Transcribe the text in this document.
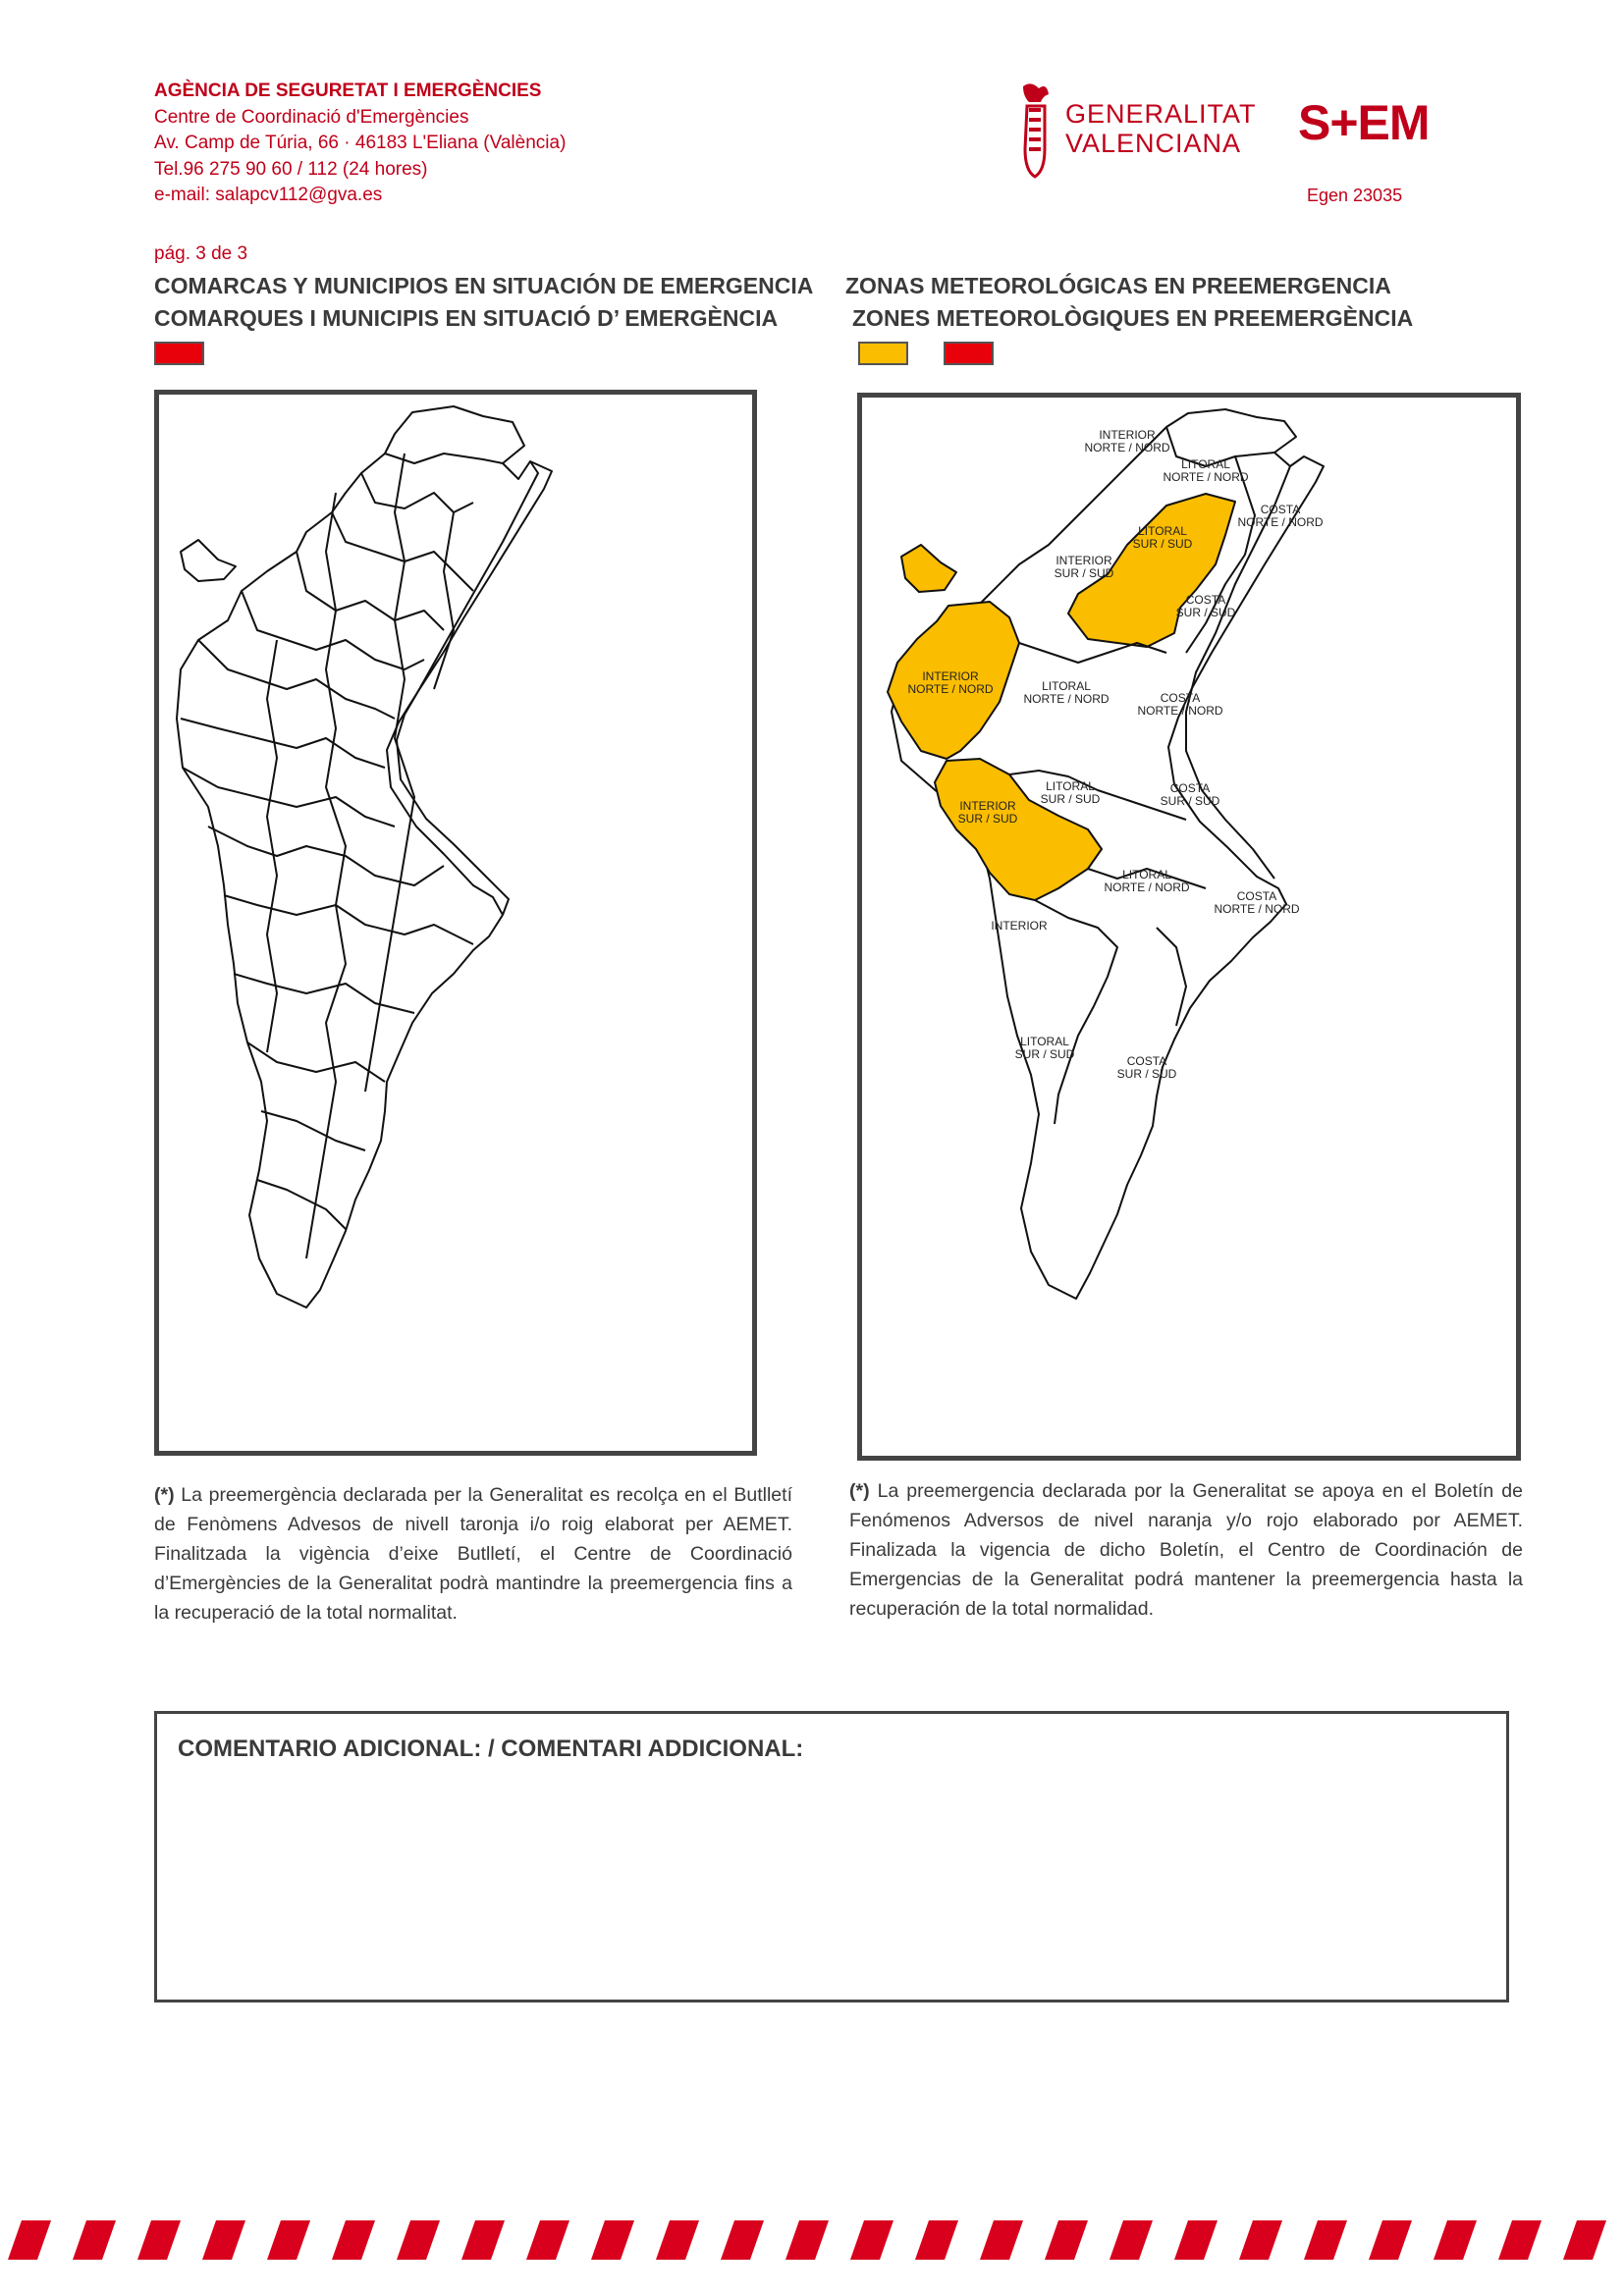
AGÈNCIA DE SEGURETAT I EMERGÈNCIES
Centre de Coordinació d'Emergències
Av. Camp de Túria, 66 · 46183 L'Eliana (València)
Tel.96 275 90 60 / 112 (24 hores)
e-mail: salapcv112@gva.es
GENERALITAT
VALENCIANA	S+EM
Egen 23035
pág. 3 de 3
COMARCAS Y MUNICIPIOS EN SITUACIÓN DE EMERGENCIA
COMARQUES I MUNICIPIS EN SITUACIÓ D’ EMERGÈNCIA
ZONAS METEOROLÓGICAS EN PREEMERGENCIA
ZONES METEOROLÒGIQUES EN PREEMERGÈNCIA
INTERIOR NORTE / NORD
LITORAL NORTE / NORD
COSTA NORTE / NORD
LITORAL SUR / SUD
INTERIOR SUR / SUD
COSTA SUR / SUD
INTERIOR NORTE / NORD	LITORAL NORTE / NORD	COSTA NORTE / NORD
LITORAL SUR / SUD
COSTA SUR / SUD
INTERIOR SUR / SUD
LITORAL NORTE / NORD
COSTA NORTE / NORD
INTERIOR
LITORAL SUR / SUD	COSTA SUR / SUD
(*) La preemergència declarada per la Generalitat es recolça en el Butlletí de Fenòmens Advesos de nivell taronja i/o roig elaborat per AEMET. Finalitzada la vigència d’eixe Butlletí, el Centre de Coordinació d’Emergències de la Generalitat podrà mantindre la preemergencia fins a la recuperació de la total normalitat.
(*) La preemergencia declarada por la Generalitat se apoya en el Boletín de Fenómenos Adversos de nivel naranja y/o rojo elaborado por AEMET. Finalizada la vigencia de dicho Boletín, el Centro de Coordinación de Emergencias de la Generalitat podrá mantener la preemergencia hasta la recuperación de la total normalidad.
COMENTARIO ADICIONAL: / COMENTARI ADDICIONAL:
